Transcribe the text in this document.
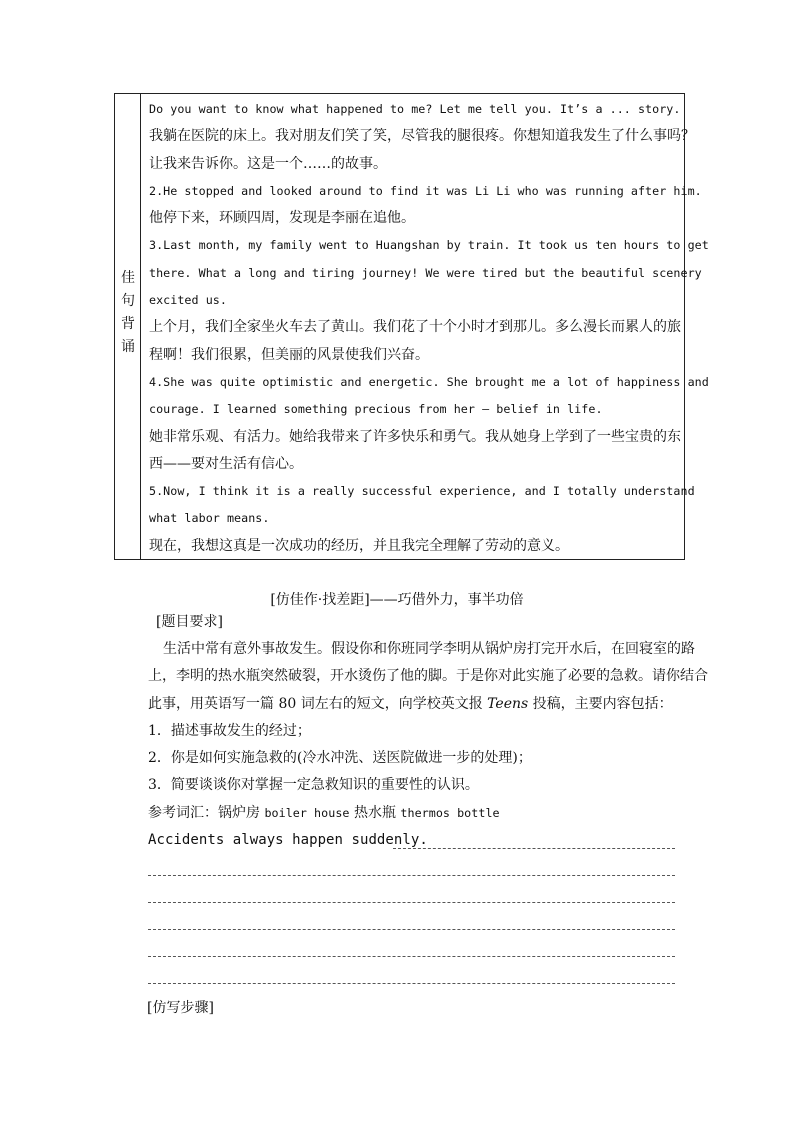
佳
句
背
诵
Do you want to know what happened to me? Let me tell you. It’s a ... story.
我躺在医院的床上。我对朋友们笑了笑，尽管我的腿很疼。你想知道我发生了什么事吗？
让我来告诉你。这是一个……的故事。
2.He stopped and looked around to find it was Li Li who was running after him.
他停下来，环顾四周，发现是李丽在追他。
3.Last month, my family went to Huangshan by train. It took us ten hours to get
there. What a long and tiring journey! We were tired but the beautiful scenery
excited us.
上个月，我们全家坐火车去了黄山。我们花了十个小时才到那儿。多么漫长而累人的旅
程啊！我们很累，但美丽的风景使我们兴奋。
4.She was quite optimistic and energetic. She brought me a lot of happiness and
courage. I learned something precious from her — belief in life.
她非常乐观、有活力。她给我带来了许多快乐和勇气。我从她身上学到了一些宝贵的东
西——要对生活有信心。
5.Now, I think it is a really successful experience, and I totally understand
what labor means.
现在，我想这真是一次成功的经历，并且我完全理解了劳动的意义。
[仿佳作·找差距]——巧借外力，事半功倍
[题目要求]
生活中常有意外事故发生。假设你和你班同学李明从锅炉房打完开水后，在回寝室的路
上，李明的热水瓶突然破裂，开水烫伤了他的脚。于是你对此实施了必要的急救。请你结合
此事，用英语写一篇 80 词左右的短文，向学校英文报 Teens 投稿，主要内容包括：
1．描述事故发生的经过；
2．你是如何实施急救的(冷水冲洗、送医院做进一步的处理)；
3．简要谈谈你对掌握一定急救知识的重要性的认识。
参考词汇：锅炉房 boiler house 热水瓶 thermos bottle
Accidents always happen suddenly.
[仿写步骤]
